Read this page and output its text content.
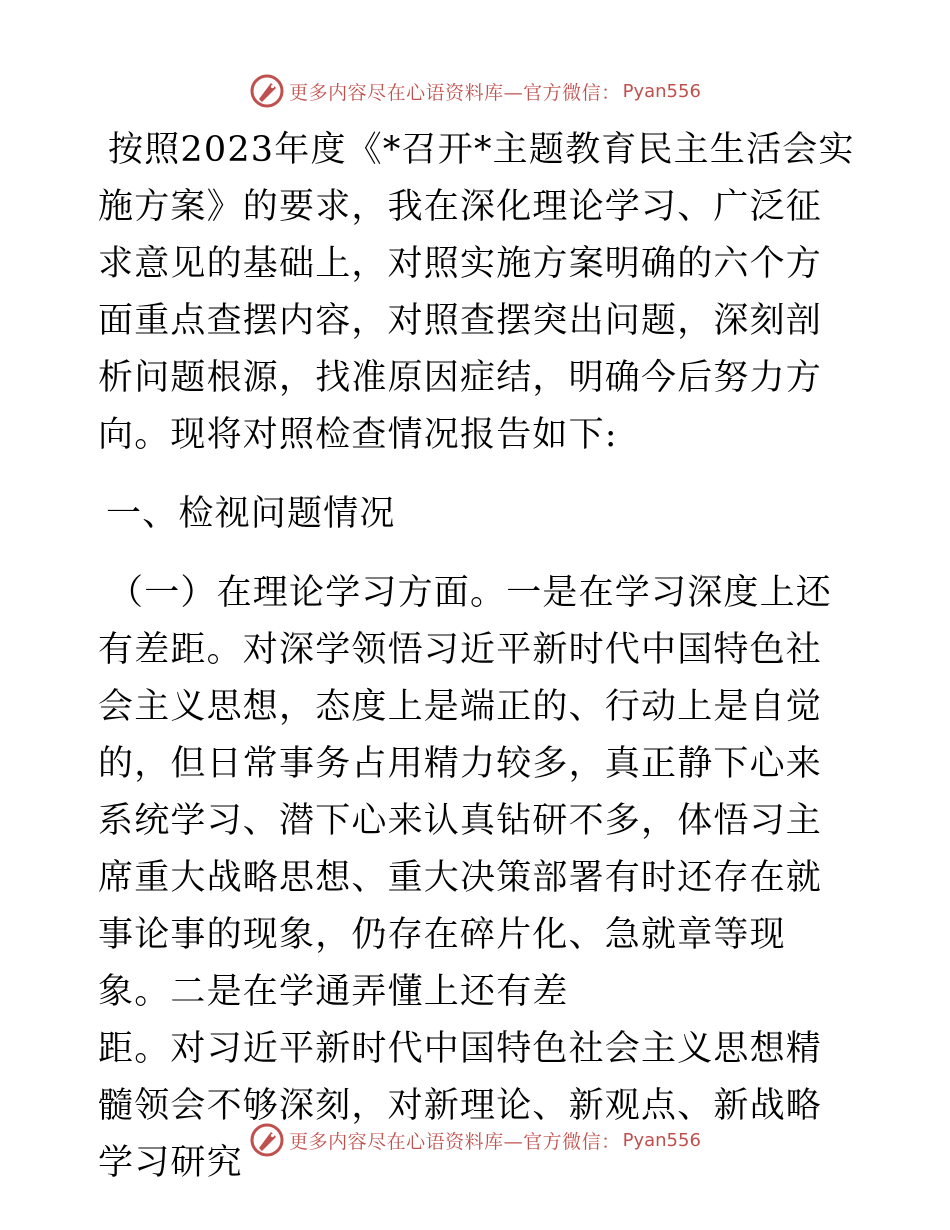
更多内容尽在心语资料库—官方微信： Pyan556

按照2023年度《*召开*主题教育民主生活会实施方案》的要求，我在深化理论学习、广泛征求意见的基础上，对照实施方案明确的六个方面重点查摆内容，对照查摆突出问题，深刻剖析问题根源，找准原因症结，明确今后努力方向。现将对照检查情况报告如下:

一、检视问题情况

（一）在理论学习方面。一是在学习深度上还有差距。对深学领悟习近平新时代中国特色社会主义思想，态度上是端正的、行动上是自觉的，但日常事务占用精力较多，真正静下心来系统学习、潜下心来认真钻研不多，体悟习主席重大战略思想、重大决策部署有时还存在就事论事的现象，仍存在碎片化、急就章等现象。二是在学通弄懂上还有差

距。对习近平新时代中国特色社会主义思想精髓领会不够深刻，对新理论、新观点、新战略学习研究

更多内容尽在心语资料库—官方微信： Pyan556
